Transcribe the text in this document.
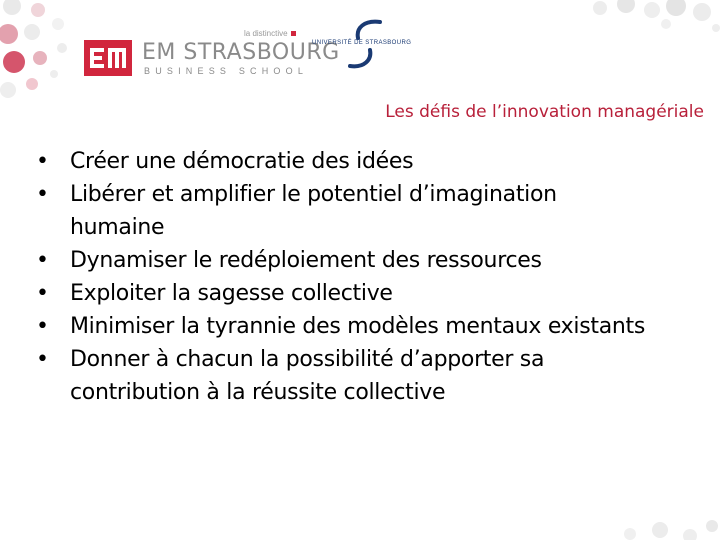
la distinctive
EM STRASBOURG
BUSINESS SCHOOL
UNIVERSITÉ DE STRASBOURG
Les défis de l’innovation managériale
• Créer une démocratie des idées
• Libérer et amplifier le potentiel d’imagination humaine
• Dynamiser le redéploiement des ressources
• Exploiter la sagesse collective
• Minimiser la tyrannie des modèles mentaux existants
• Donner à chacun la possibilité d’apporter sa contribution à la réussite collective
